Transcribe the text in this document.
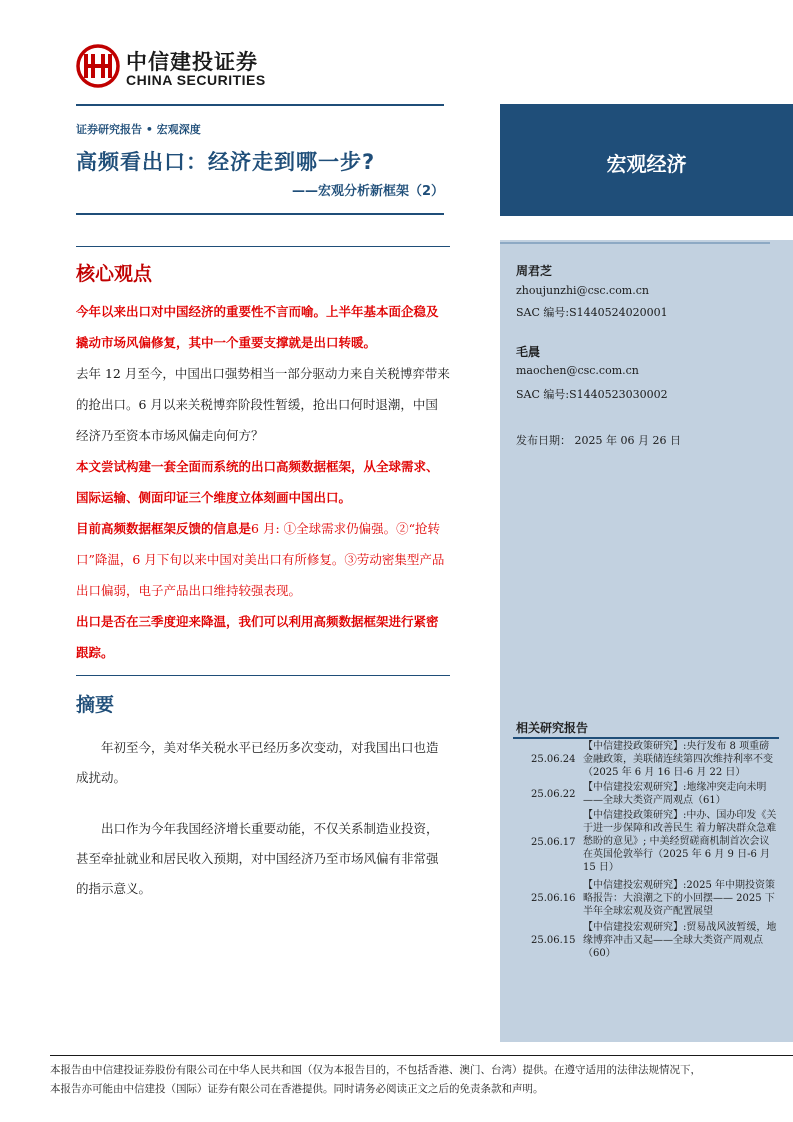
中信建投证券
CHINA SECURITIES
证券研究报告 • 宏观深度
高频看出口：经济走到哪一步?
——宏观分析新框架（2）
宏观经济
周君芝
zhoujunzhi@csc.com.cn
SAC 编号:S1440524020001
毛晨
maochen@csc.com.cn
SAC 编号:S1440523030002
发布日期： 2025 年 06 月 26 日
相关研究报告
25.06.24
【中信建投政策研究】:央行发布 8 项重磅金融政策，美联储连续第四次维持利率不变（2025 年 6 月 16 日-6 月 22 日）
25.06.22
【中信建投宏观研究】:地缘冲突走向未明 ——全球大类资产周观点（61）
25.06.17
【中信建投政策研究】:中办、国办印发《关于进一步保障和改善民生 着力解决群众急难愁盼的意见》; 中美经贸磋商机制首次会议在英国伦敦举行（2025 年 6 月 9 日-6 月 15 日）
25.06.16
【中信建投宏观研究】:2025 年中期投资策略报告：大浪潮之下的小回摆—— 2025 下半年全球宏观及资产配置展望
25.06.15
【中信建投宏观研究】:贸易战风波暂缓，地缘博弈冲击又起——全球大类资产周观点（60）
核心观点
今年以来出口对中国经济的重要性不言而喻。上半年基本面企稳及撬动市场风偏修复，其中一个重要支撑就是出口转暖。
去年 12 月至今，中国出口强势相当一部分驱动力来自关税博弈带来的抢出口。6 月以来关税博弈阶段性暂缓，抢出口何时退潮，中国经济乃至资本市场风偏走向何方？
本文尝试构建一套全面而系统的出口高频数据框架，从全球需求、国际运输、侧面印证三个维度立体刻画中国出口。
目前高频数据框架反馈的信息是6 月: ①全球需求仍偏强。②“抢转口”降温，6 月下旬以来中国对美出口有所修复。③劳动密集型产品出口偏弱，电子产品出口维持较强表现。
出口是否在三季度迎来降温，我们可以利用高频数据框架进行紧密跟踪。
摘要
年初至今，美对华关税水平已经历多次变动，对我国出口也造成扰动。
出口作为今年我国经济增长重要动能，不仅关系制造业投资，甚至牵扯就业和居民收入预期，对中国经济乃至市场风偏有非常强的指示意义。
本报告由中信建投证券股份有限公司在中华人民共和国（仅为本报告目的，不包括香港、澳门、台湾）提供。在遵守适用的法律法规情况下，
本报告亦可能由中信建投（国际）证券有限公司在香港提供。同时请务必阅读正文之后的免责条款和声明。
